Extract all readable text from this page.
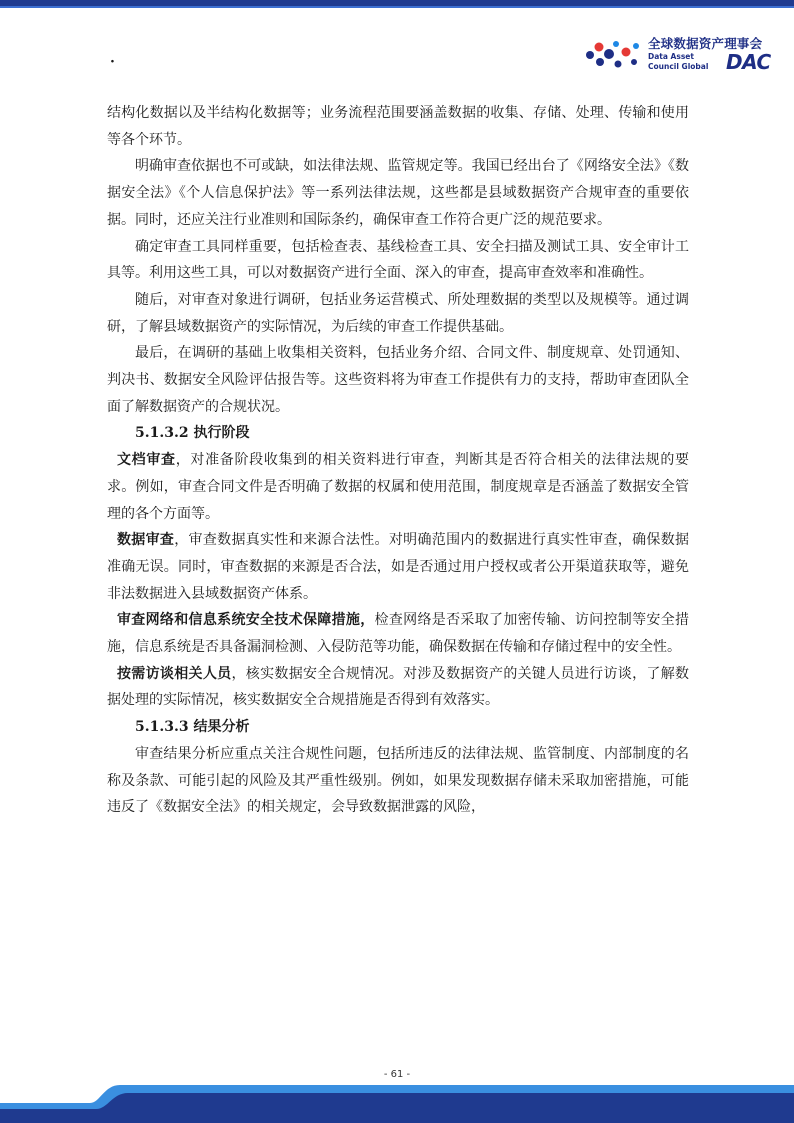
·
全球数据资产理事会
Data Asset
Council Global DAC

结构化数据以及半结构化数据等；业务流程范围要涵盖数据的收集、存储、处理、传输和使用等各个环节。

明确审查依据也不可或缺，如法律法规、监管规定等。我国已经出台了《网络安全法》《数据安全法》《个人信息保护法》等一系列法律法规，这些都是县域数据资产合规审查的重要依据。同时，还应关注行业准则和国际条约，确保审查工作符合更广泛的规范要求。

确定审查工具同样重要，包括检查表、基线检查工具、安全扫描及测试工具、安全审计工具等。利用这些工具，可以对数据资产进行全面、深入的审查，提高审查效率和准确性。

随后，对审查对象进行调研，包括业务运营模式、所处理数据的类型以及规模等。通过调研，了解县域数据资产的实际情况，为后续的审查工作提供基础。

最后，在调研的基础上收集相关资料，包括业务介绍、合同文件、制度规章、处罚通知、判决书、数据安全风险评估报告等。这些资料将为审查工作提供有力的支持，帮助审查团队全面了解数据资产的合规状况。

5.1.3.2 执行阶段

文档审查，对准备阶段收集到的相关资料进行审查，判断其是否符合相关的法律法规的要求。例如，审查合同文件是否明确了数据的权属和使用范围，制度规章是否涵盖了数据安全管理的各个方面等。

数据审查，审查数据真实性和来源合法性。对明确范围内的数据进行真实性审查，确保数据准确无误。同时，审查数据的来源是否合法，如是否通过用户授权或者公开渠道获取等，避免非法数据进入县域数据资产体系。

审查网络和信息系统安全技术保障措施，检查网络是否采取了加密传输、访问控制等安全措施，信息系统是否具备漏洞检测、入侵防范等功能，确保数据在传输和存储过程中的安全性。

按需访谈相关人员，核实数据安全合规情况。对涉及数据资产的关键人员进行访谈，了解数据处理的实际情况，核实数据安全合规措施是否得到有效落实。

5.1.3.3 结果分析

审查结果分析应重点关注合规性问题，包括所违反的法律法规、监管制度、内部制度的名称及条款、可能引起的风险及其严重性级别。例如，如果发现数据存储未采取加密措施，可能违反了《数据安全法》的相关规定，会导致数据泄露的风险，

- 61 -
